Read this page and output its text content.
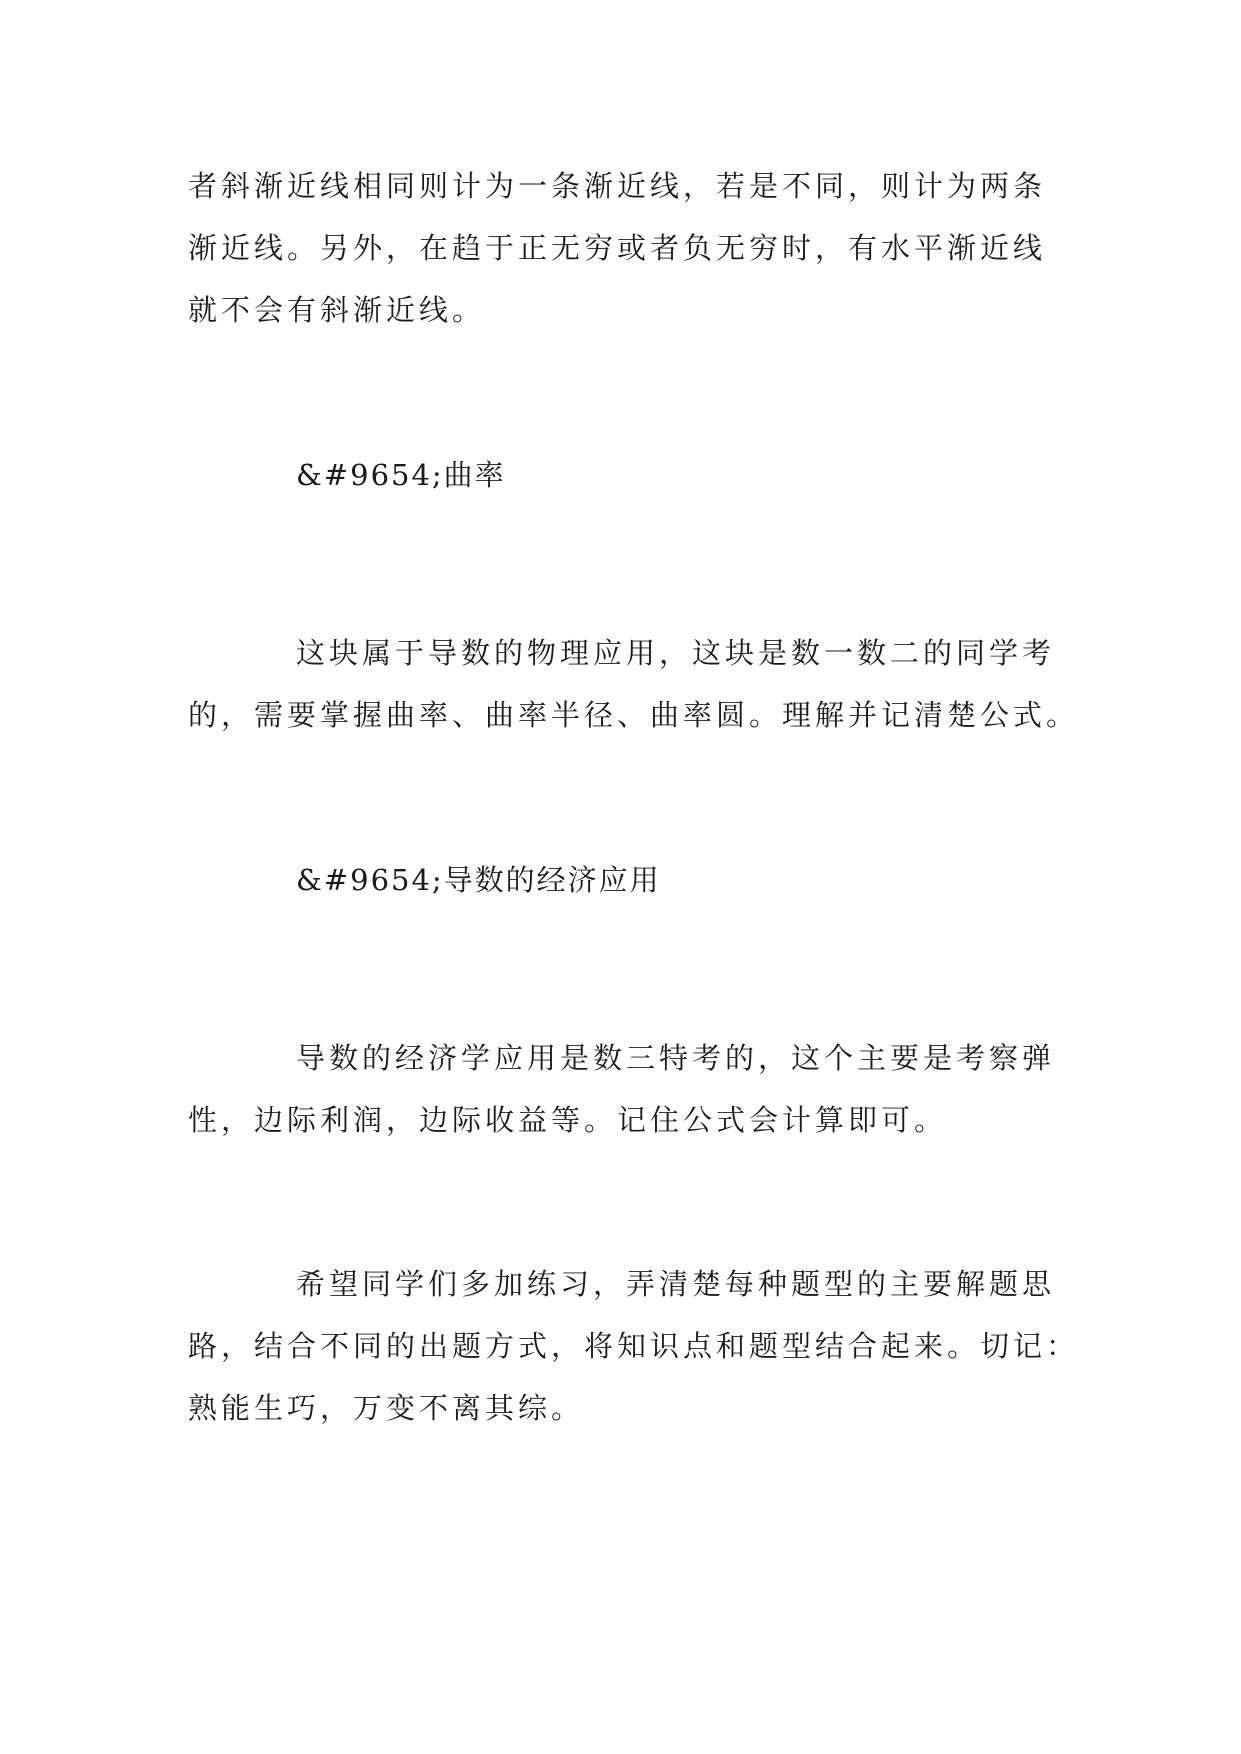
者斜渐近线相同则计为一条渐近线，若是不同，则计为两条
渐近线。另外，在趋于正无穷或者负无穷时，有水平渐近线
就不会有斜渐近线。
&#9654;曲率
这块属于导数的物理应用，这块是数一数二的同学考
的，需要掌握曲率、曲率半径、曲率圆。理解并记清楚公式。
&#9654;导数的经济应用
导数的经济学应用是数三特考的，这个主要是考察弹
性，边际利润，边际收益等。记住公式会计算即可。
希望同学们多加练习，弄清楚每种题型的主要解题思
路，结合不同的出题方式，将知识点和题型结合起来。切记：
熟能生巧，万变不离其综。
